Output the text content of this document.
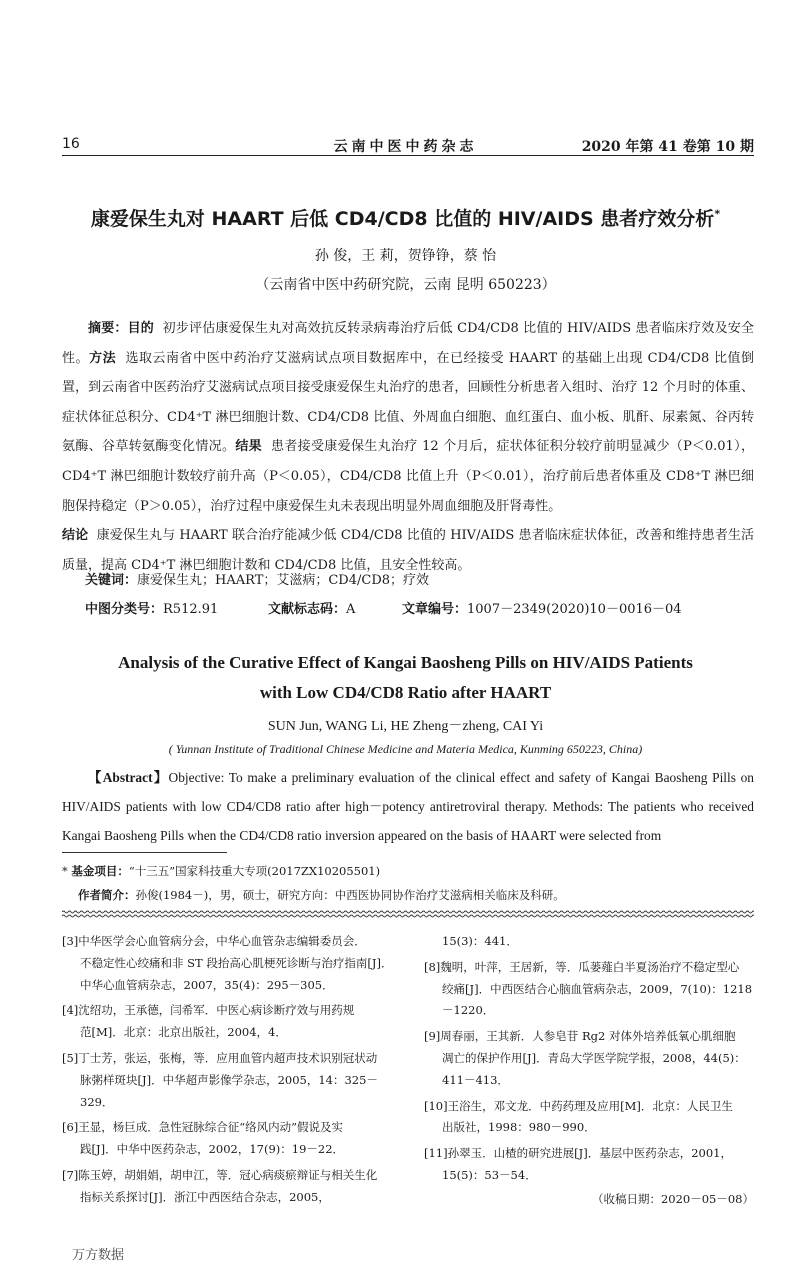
16	云南中医中药杂志	2020 年第 41 卷第 10 期
康爱保生丸对 HAART 后低 CD4/CD8 比值的 HIV/AIDS 患者疗效分析*
孙 俊，王 莉，贺铮铮，蔡 怡
（云南省中医中药研究院，云南 昆明 650223）

摘要：目的 初步评估康爱保生丸对高效抗反转录病毒治疗后低 CD4/CD8 比值的 HIV/AIDS 患者临床疗效及安全性。方法 选取云南省中医中药治疗艾滋病试点项目数据库中，在已经接受 HAART 的基础上出现 CD4/CD8 比值倒置，到云南省中医药治疗艾滋病试点项目接受康爱保生丸治疗的患者，回顾性分析患者入组时、治疗 12 个月时的体重、症状体征总积分、CD4⁺T 淋巴细胞计数、CD4/CD8 比值、外周血白细胞、血红蛋白、血小板、肌酐、尿素氮、谷丙转氨酶、谷草转氨酶变化情况。结果 患者接受康爱保生丸治疗 12 个月后，症状体征积分较疗前明显减少（P＜0.01），CD4⁺T 淋巴细胞计数较疗前升高（P＜0.05），CD4/CD8 比值上升（P＜0.01），治疗前后患者体重及 CD8⁺T 淋巴细胞保持稳定（P＞0.05），治疗过程中康爱保生丸未表现出明显外周血细胞及肝肾毒性。

结论 康爱保生丸与 HAART 联合治疗能减少低 CD4/CD8 比值的 HIV/AIDS 患者临床症状体征，改善和维持患者生活质量，提高 CD4⁺T 淋巴细胞计数和 CD4/CD8 比值，且安全性较高。

关键词：康爱保生丸；HAART；艾滋病；CD4/CD8；疗效
中图分类号：R512.91	文献标志码：A	文章编号：1007－2349(2020)10－0016－04
Analysis of the Curative Effect of Kangai Baosheng Pills on HIV/AIDS Patients
with Low CD4/CD8 Ratio after HAART
SUN Jun, WANG Li, HE Zheng－zheng, CAI Yi
( Yunnan Institute of Traditional Chinese Medicine and Materia Medica, Kunming 650223, China)
【Abstract】Objective: To make a preliminary evaluation of the clinical effect and safety of Kangai Baosheng Pills on HIV/AIDS patients with low CD4/CD8 ratio after high－potency antiretroviral therapy. Methods: The patients who received Kangai Baosheng Pills when the CD4/CD8 ratio inversion appeared on the basis of HAART were selected from
* 基金项目：“十三五”国家科技重大专项(2017ZX10205501)
作者简介：孙俊(1984－)，男，硕士，研究方向：中西医协同协作治疗艾滋病相关临床及科研。
[3]中华医学会心血管病分会，中华心血管杂志编辑委员会．
不稳定性心绞痛和非 ST 段抬高心肌梗死诊断与治疗指南[J]．中华心血管病杂志，2007，35(4)：295－305．
[4]沈绍功，王承德，闫希军．中医心病诊断疗效与用药规
范[M]．北京：北京出版社，2004，4．
[5]丁士芳，张运，张梅，等．应用血管内超声技术识别冠状动
脉粥样斑块[J]．中华超声影像学杂志，2005，14：325－329．
[6]王显，杨巨成．急性冠脉综合征“络风内动”假说及实
践[J]．中华中医药杂志，2002，17(9)：19－22．
[7]陈玉婷，胡娟娟，胡申江，等．冠心病痰瘀辩证与相关生化
指标关系探讨[J]．浙江中西医结合杂志，2005，
15(3)：441．
[8]魏明，叶萍，王居新，等．瓜蒌薤白半夏汤治疗不稳定型心
绞痛[J]．中西医结合心脑血管病杂志，2009，7(10)：1218－1220．
[9]周春丽，王其新．人参皂苷 Rg2 对体外培养低氧心肌细胞
凋亡的保护作用[J]．青岛大学医学院学报，2008，44(5)：411－413．
[10]王浴生，邓文龙．中药药理及应用[M]．北京：人民卫生
出版社，1998：980－990．
[11]孙翠玉．山楂的研究进展[J]．基层中医药杂志，2001，
15(5)：53－54．
（收稿日期：2020－05－08）
万方数据
